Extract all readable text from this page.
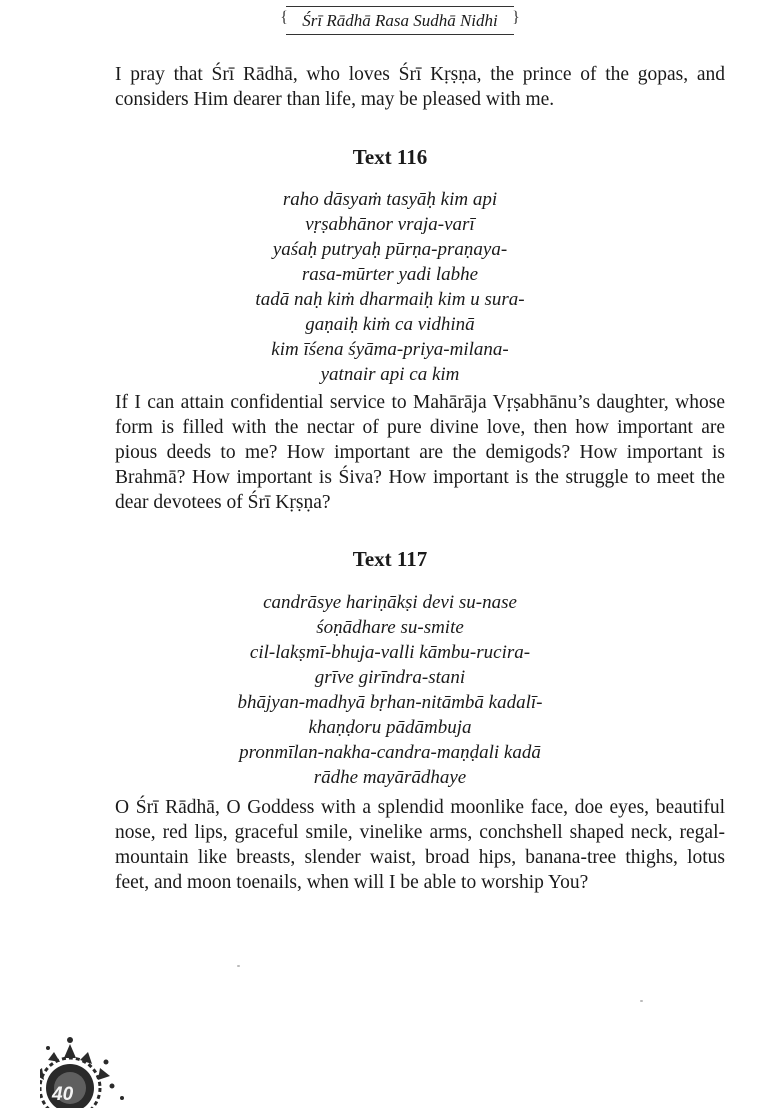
{ Śrī Rādhā Rasa Sudhā Nidhi }

I pray that Śrī Rādhā, who loves Śrī Kṛṣṇa, the prince of the gopas, and considers Him dearer than life, may be pleased with me.

Text 116
raho dāsyaṁ tasyāḥ kim api
vṛṣabhānor vraja-varī
yaśaḥ putryaḥ pūrṇa-praṇaya-
rasa-mūrter yadi labhe
tadā naḥ kiṁ dharmaiḥ kim u sura-
gaṇaiḥ kiṁ ca vidhinā
kim īśena śyāma-priya-milana-
yatnair api ca kim

If I can attain confidential service to Mahārāja Vṛṣabhānu’s daughter, whose form is filled with the nectar of pure divine love, then how important are pious deeds to me? How important are the demigods? How important is Brahmā? How important is Śiva? How important is the struggle to meet the dear devotees of Śrī Kṛṣṇa?

Text 117
candrāsye hariṇākṣi devi su-nase
śoṇādhare su-smite
cil-lakṣmī-bhuja-valli kāmbu-rucira-
grīve girīndra-stani
bhājyan-madhyā bṛhan-nitāmbā kadalī-
khaṇḍoru pādāmbuja
pronmīlan-nakha-candra-maṇḍali kadā
rādhe mayārādhaye

O Śrī Rādhā, O Goddess with a splendid moonlike face, doe eyes, beautiful nose, red lips, graceful smile, vinelike arms, conchshell shaped neck, regal-mountain like breasts, slender waist, broad hips, banana-tree thighs, lotus feet, and moon toenails, when will I be able to worship You?

40
